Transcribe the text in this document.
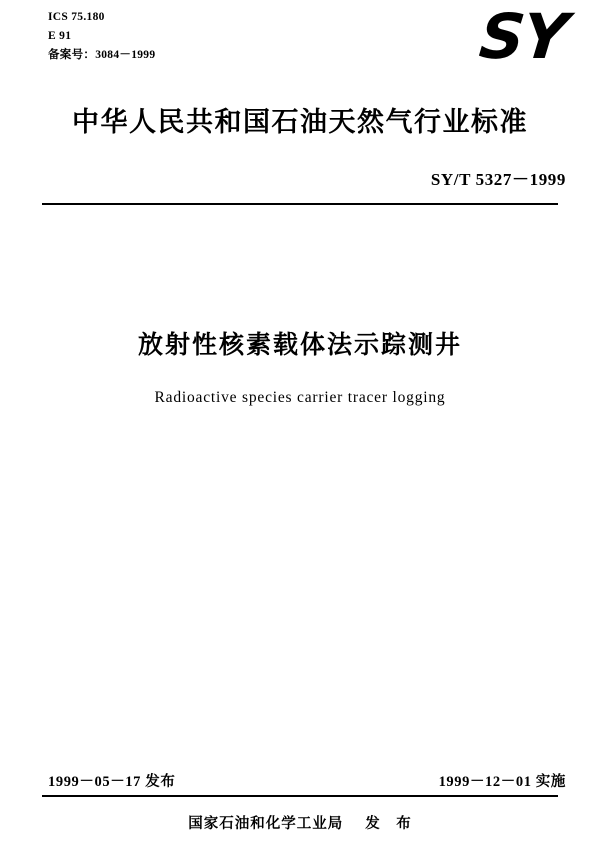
ICS 75.180
E 91
备案号：3084－1999	SY
中华人民共和国石油天然气行业标准
SY/T 5327－1999
放射性核素载体法示踪测井
Radioactive species carrier tracer logging
1999－05－17 发布	1999－12－01 实施
国家石油和化学工业局 发　布
